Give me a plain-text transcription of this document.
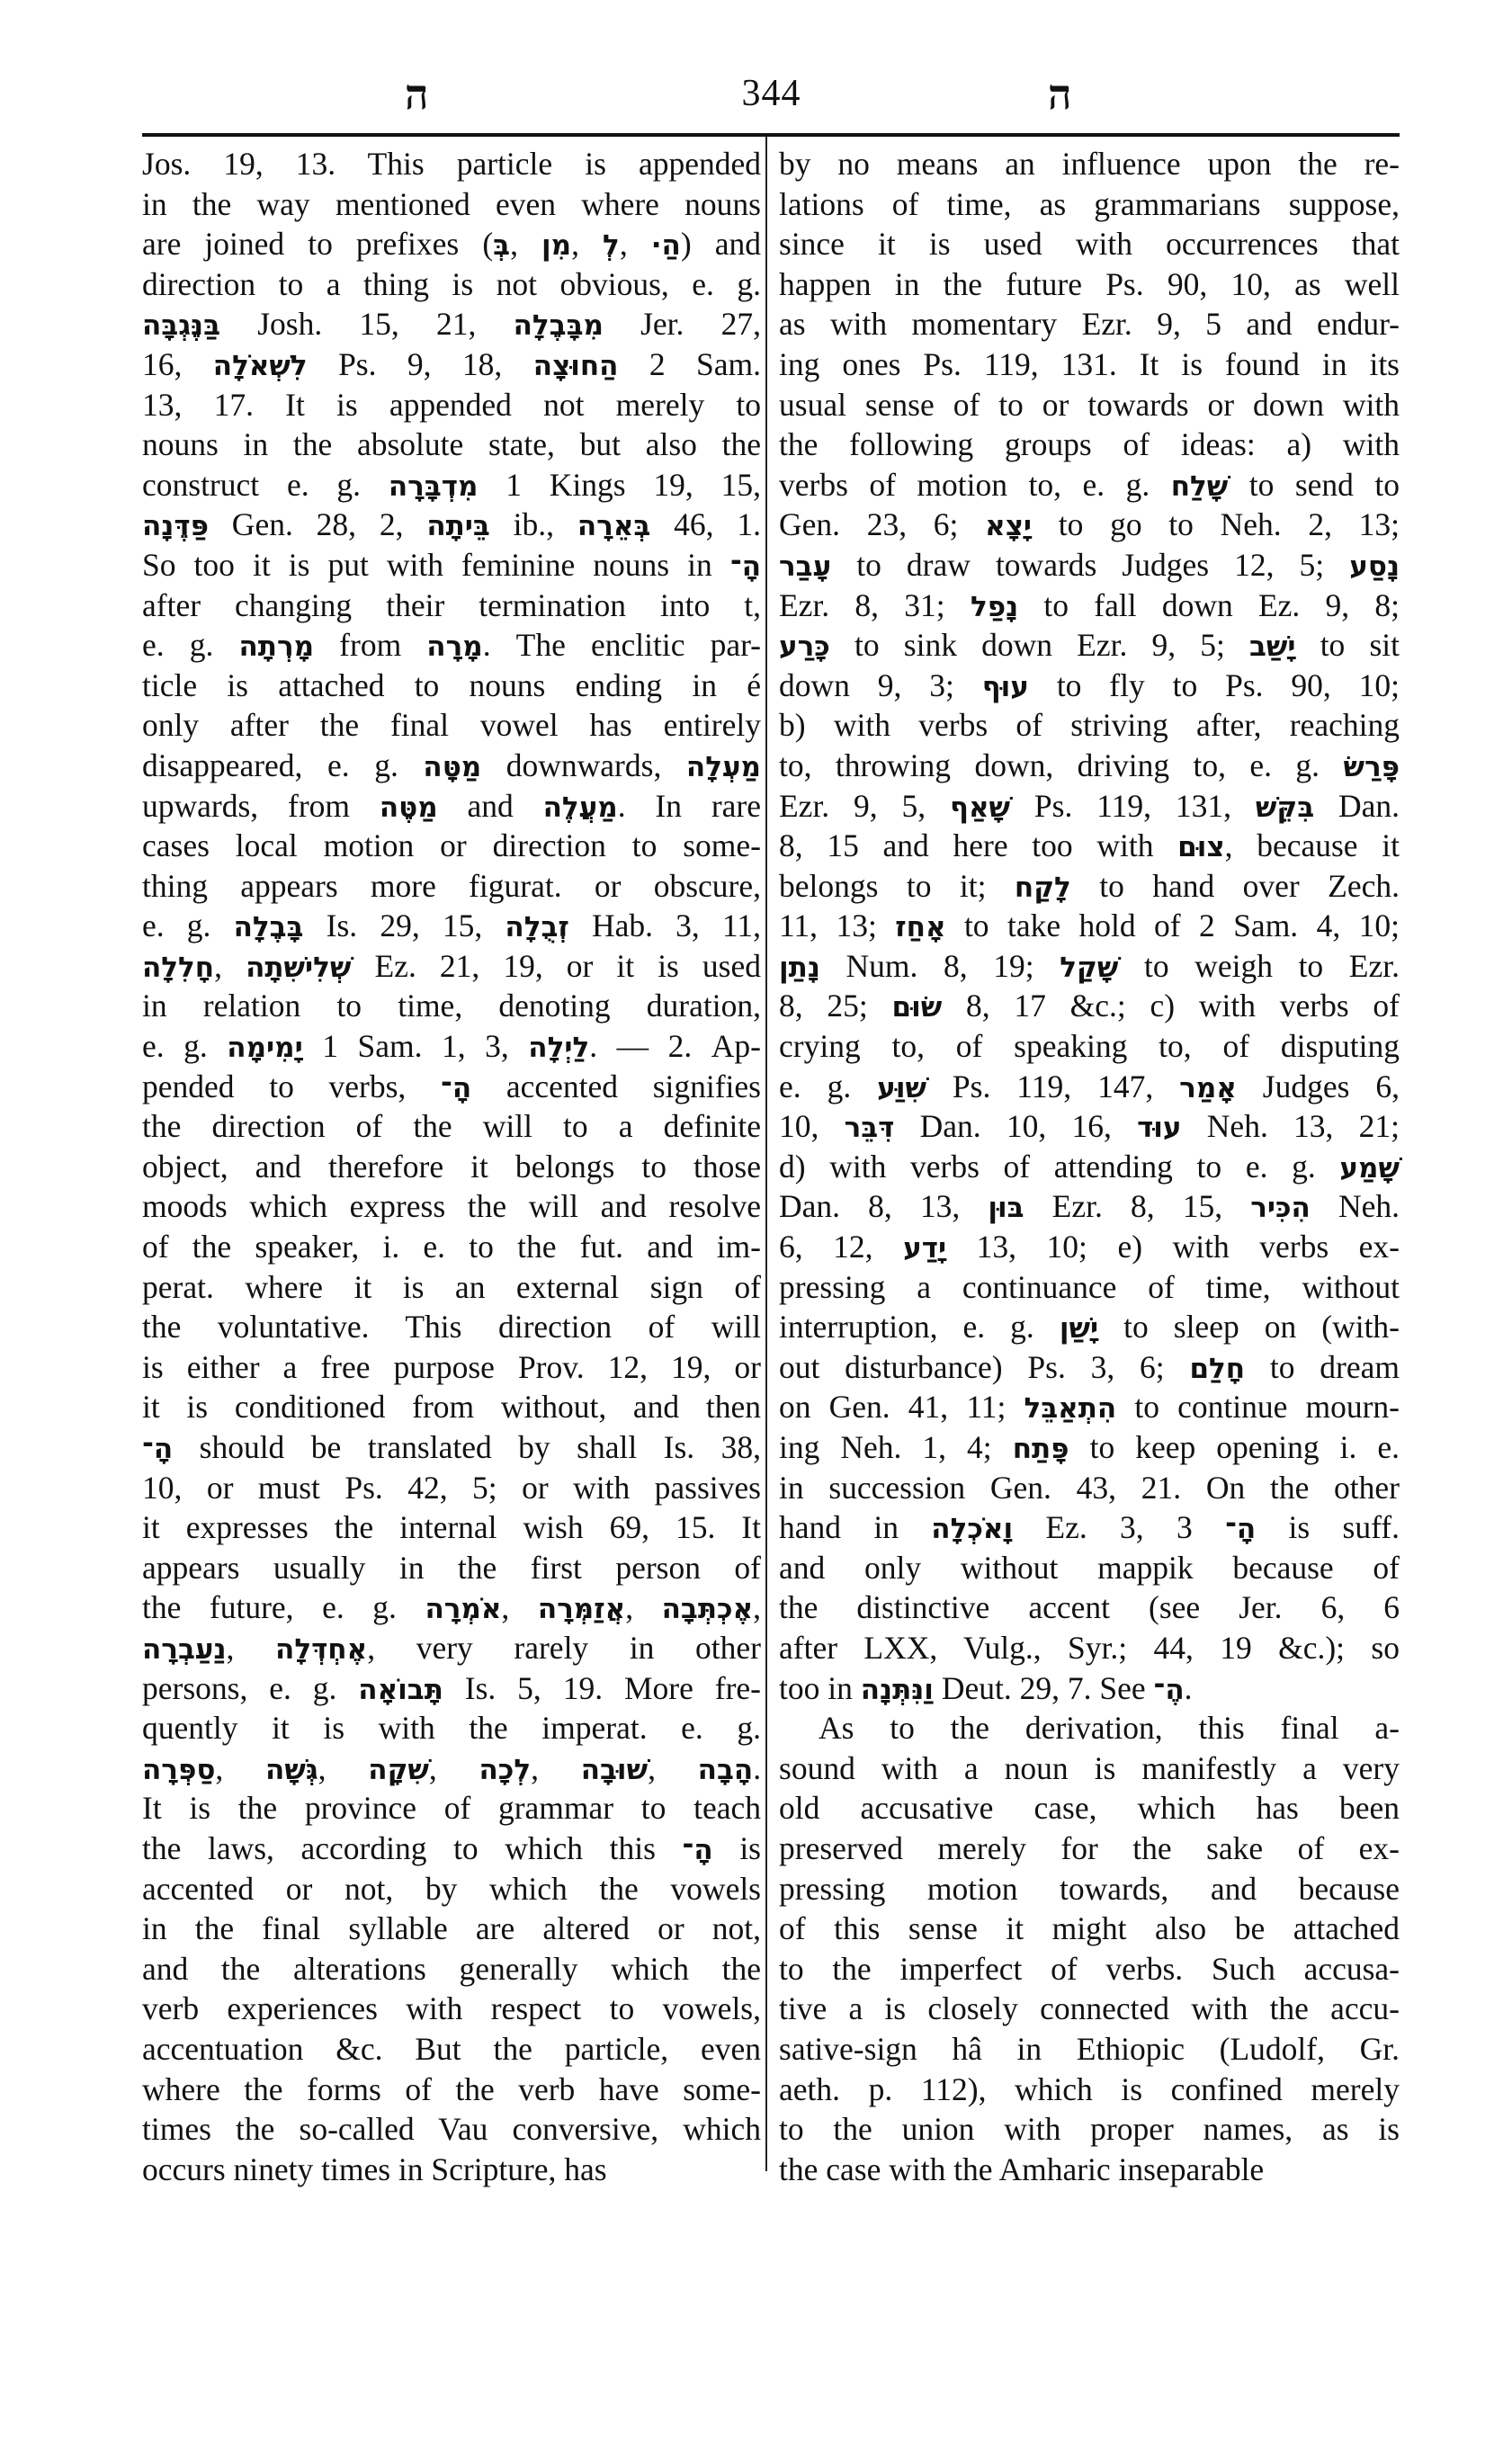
ה	344	ה
Jos. 19, 13. This particle is appended
in the way mentioned even where nouns
are joined to prefixes (בְּ, מִן, לְ, הַ·) and
direction to a thing is not obvious, e. g.
בַּנֶּגְבָּה Josh. 15, 21, מִבָּבֶלָה Jer. 27,
16, לִשְׁאֹלָה Ps. 9, 18, הַחוּצָה 2 Sam.
13, 17. It is appended not merely to
nouns in the absolute state, but also the
construct e. g. מִדְבָּרָה 1 Kings 19, 15,
פַּדֶּנָה Gen. 28, 2, בֵּיתָה ib., בְּאֵרָה 46, 1.
So too it is put with feminine nouns in הָ־
after changing their termination into t,
e. g. מָרְתָה from מָרָה. The enclitic par-
ticle is attached to nouns ending in é
only after the final vowel has entirely
disappeared, e. g. מַטָּה downwards, מַעְלָה
upwards, from מַטֶּה and מַעֲלֶה. In rare
cases local motion or direction to some-
thing appears more figurat. or obscure,
e. g. בָּבֶלָה Is. 29, 15, זְבֻלָה Hab. 3, 11,
חָלִלָה, שְׁלִישִׁתָה Ez. 21, 19, or it is used
in relation to time, denoting duration,
e. g. יָמִימָה 1 Sam. 1, 3, לַיְלָה. — 2. Ap-
pended to verbs, הָ־ accented signifies
the direction of the will to a definite
object, and therefore it belongs to those
moods which express the will and resolve
of the speaker, i. e. to the fut. and im-
perat. where it is an external sign of
the voluntative. This direction of will
is either a free purpose Prov. 12, 19, or
it is conditioned from without, and then
הָ־ should be translated by shall Is. 38,
10, or must Ps. 42, 5; or with passives
it expresses the internal wish 69, 15. It
appears usually in the first person of
the future, e. g. אֹמְרָה, אֲזַמְּרָה, אֶכְתְּבָה,
נַעַבְרָה, אֶחְדְּלָה, very rarely in other
persons, e. g. תָּבוֹאָה Is. 5, 19. More fre-
quently it is with the imperat. e. g.
סַפְּרָה, גְּשָׁה, שִׁקָה, לְכָה, שׁוּבָה, הָבָה.
It is the province of grammar to teach
the laws, according to which this הָ־ is
accented or not, by which the vowels
in the final syllable are altered or not,
and the alterations generally which the
verb experiences with respect to vowels,
accentuation &c. But the particle, even
where the forms of the verb have some-
times the so-called Vau conversive, which
occurs ninety times in Scripture, has
by no means an influence upon the re-
lations of time, as grammarians suppose,
since it is used with occurrences that
happen in the future Ps. 90, 10, as well
as with momentary Ezr. 9, 5 and endur-
ing ones Ps. 119, 131. It is found in its
usual sense of to or towards or down with
the following groups of ideas: a) with
verbs of motion to, e. g. שָׁלַח to send to
Gen. 23, 6; יָצָא to go to Neh. 2, 13;
עָבַר to draw towards Judges 12, 5; נָסַע
Ezr. 8, 31; נָפַל to fall down Ez. 9, 8;
כָּרַע to sink down Ezr. 9, 5; יָשַׁב to sit
down 9, 3; עוּף to fly to Ps. 90, 10;
b) with verbs of striving after, reaching
to, throwing down, driving to, e. g. פָּרַשׂ
Ezr. 9, 5, שָׁאַף Ps. 119, 131, בִּקֵּשׁ Dan.
8, 15 and here too with צוּם, because it
belongs to it; לָקַח to hand over Zech.
11, 13; אָחַז to take hold of 2 Sam. 4, 10;
נָתַן Num. 8, 19; שָׁקַל to weigh to Ezr.
8, 25; שׂוּם 8, 17 &c.; c) with verbs of
crying to, of speaking to, of disputing
e. g. שִׁוַּע Ps. 119, 147, אָמַר Judges 6,
10, דִּבֵּר Dan. 10, 16, עוּד Neh. 13, 21;
d) with verbs of attending to e. g. שָׁמַע
Dan. 8, 13, בּוּן Ezr. 8, 15, הִכִּיר Neh.
6, 12, יָדַע 13, 10; e) with verbs ex-
pressing a continuance of time, without
interruption, e. g. יָשַׁן to sleep on (with-
out disturbance) Ps. 3, 6; חָלַם to dream
on Gen. 41, 11; הִתְאַבֵּל to continue mourn-
ing Neh. 1, 4; פָּתַח to keep opening i. e.
in succession Gen. 43, 21. On the other
hand in וָאֹכְלָה Ez. 3, 3 הָ־ is suff.
and only without mappik because of
the distinctive accent (see Jer. 6, 6
after LXX, Vulg., Syr.; 44, 19 &c.); so
too in וַנִּתְּנָה Deut. 29, 7. See הֶ־.
As to the derivation, this final a-
sound with a noun is manifestly a very
old accusative case, which has been
preserved merely for the sake of ex-
pressing motion towards, and because
of this sense it might also be attached
to the imperfect of verbs. Such accusa-
tive a is closely connected with the accu-
sative-sign hâ in Ethiopic (Ludolf, Gr.
aeth. p. 112), which is confined merely
to the union with proper names, as is
the case with the Amharic inseparable
